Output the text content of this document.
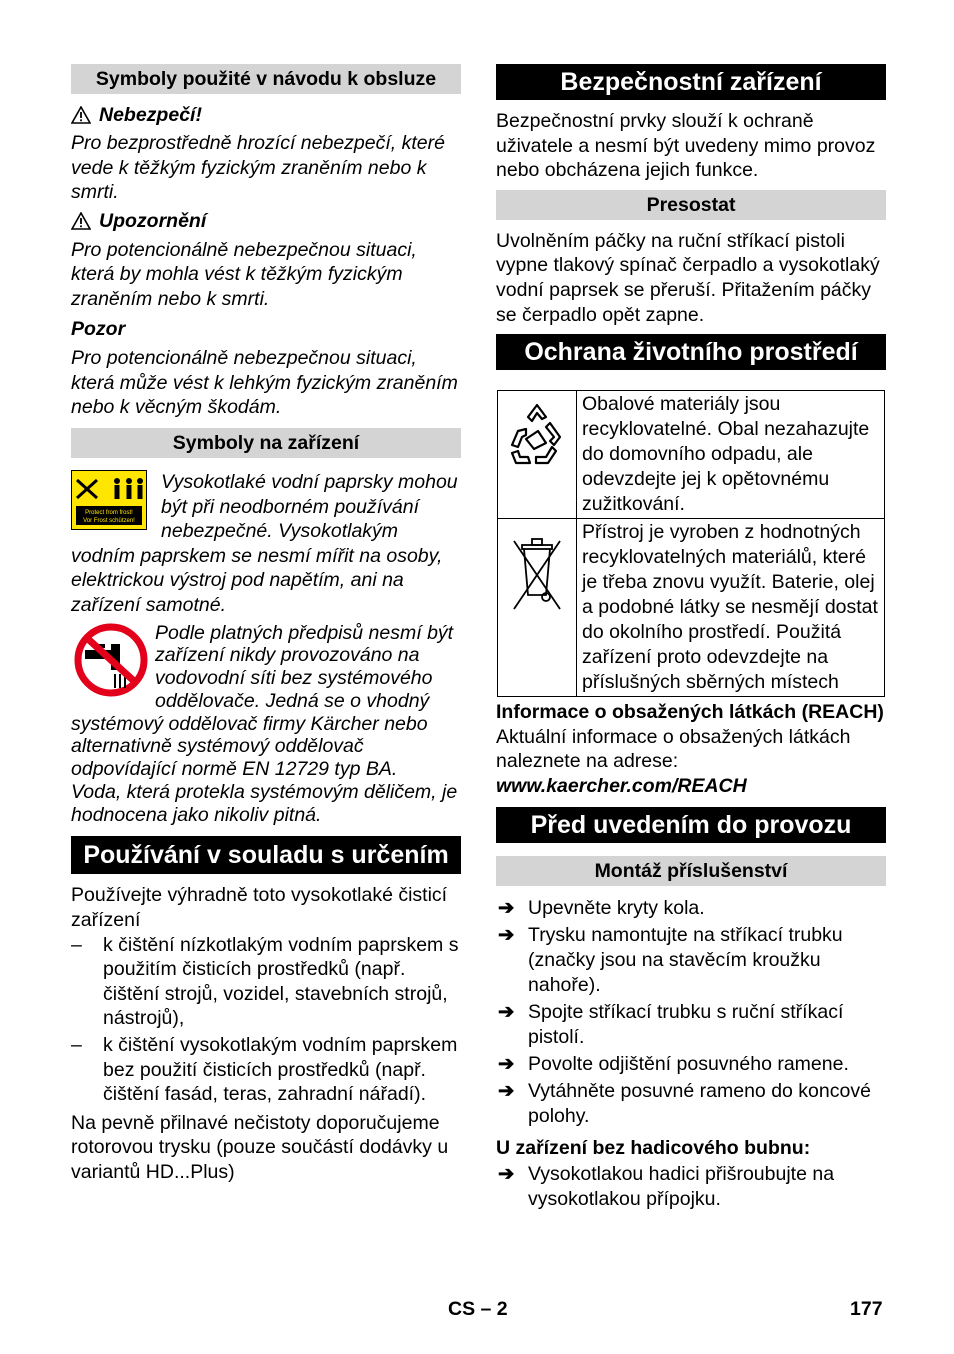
Symboly použité v návodu k obsluze
Nebezpečí!

Pro bezprostředně hrozící nebezpečí, které vede k těžkým fyzickým zraněním nebo k smrti.

Upozornění

Pro potencionálně nebezpečnou situaci, která by mohla vést k těžkým fyzickým zraněním nebo k smrti.

Pozor

Pro potencionálně nebezpečnou situaci, která může vést k lehkým fyzickým zraněním nebo k věcným škodám.

Symboly na zařízení
Protect from frost!
Vor Frost schützen!

Vysokotlaké vodní paprsky mohou být při neodborném používání nebezpečné. Vysokotlakým vodním paprskem se nesmí mířit na osoby, elektrickou výstroj pod napětím, ani na zařízení samotné.

Podle platných předpisů nesmí být zařízení nikdy provozováno na vodovodní síti bez systémového oddělovače. Jedná se o vhodný systémový oddělovač firmy Kärcher nebo alternativně systémový oddělovač odpovídající normě EN 12729 typ BA.

Voda, která protekla systémovým děličem, je hodnocena jako nikoliv pitná.

Používání v souladu s určením

Používejte výhradně toto vysokotlaké čisticí zařízení

– k čištění nízkotlakým vodním paprskem s použitím čisticích prostředků (např. čištění strojů, vozidel, stavebních strojů, nástrojů),
– k čištění vysokotlakým vodním paprskem bez použití čisticích prostředků (např. čištění fasád, teras, zahradní nářadí).

Na pevně přilnavé nečistoty doporučujeme rotorovou trysku (pouze součástí dodávky u variantů HD...Plus)

Bezpečnostní zařízení

Bezpečnostní prvky slouží k ochraně uživatele a nesmí být uvedeny mimo provoz nebo obcházena jejich funkce.

Presostat

Uvolněním páčky na ruční stříkací pistoli vypne tlakový spínač čerpadlo a vysokotlaký vodní paprsek se přeruší. Přitažením páčky se čerpadlo opět zapne.

Ochrana životního prostředí
	Obalové materiály jsou recyklovatelné. Obal nezahazujte do domovního odpadu, ale odevzdejte jej k opětovnému zužitkování.
	Přístroj je vyroben z hodnotných recyklovatelných materiálů, které je třeba znovu využít. Baterie, olej a podobné látky se nesmějí dostat do okolního prostředí. Použitá zařízení proto odevzdejte na příslušných sběrných místech

Informace o obsažených látkách (REACH)

Aktuální informace o obsažených látkách naleznete na adrese:

www.kaercher.com/REACH

Před uvedením do provozu
Montáž příslušenství
➔ Upevněte kryty kola.
➔ Trysku namontujte na stříkací trubku (značky jsou na stavěcím kroužku nahoře).
➔ Spojte stříkací trubku s ruční stříkací pistolí.
➔ Povolte odjištění posuvného ramene.
➔ Vytáhněte posuvné rameno do koncové polohy.

U zařízení bez hadicového bubnu:

➔ Vysokotlakou hadici přišroubujte na vysokotlakou přípojku.
CS – 2	177
